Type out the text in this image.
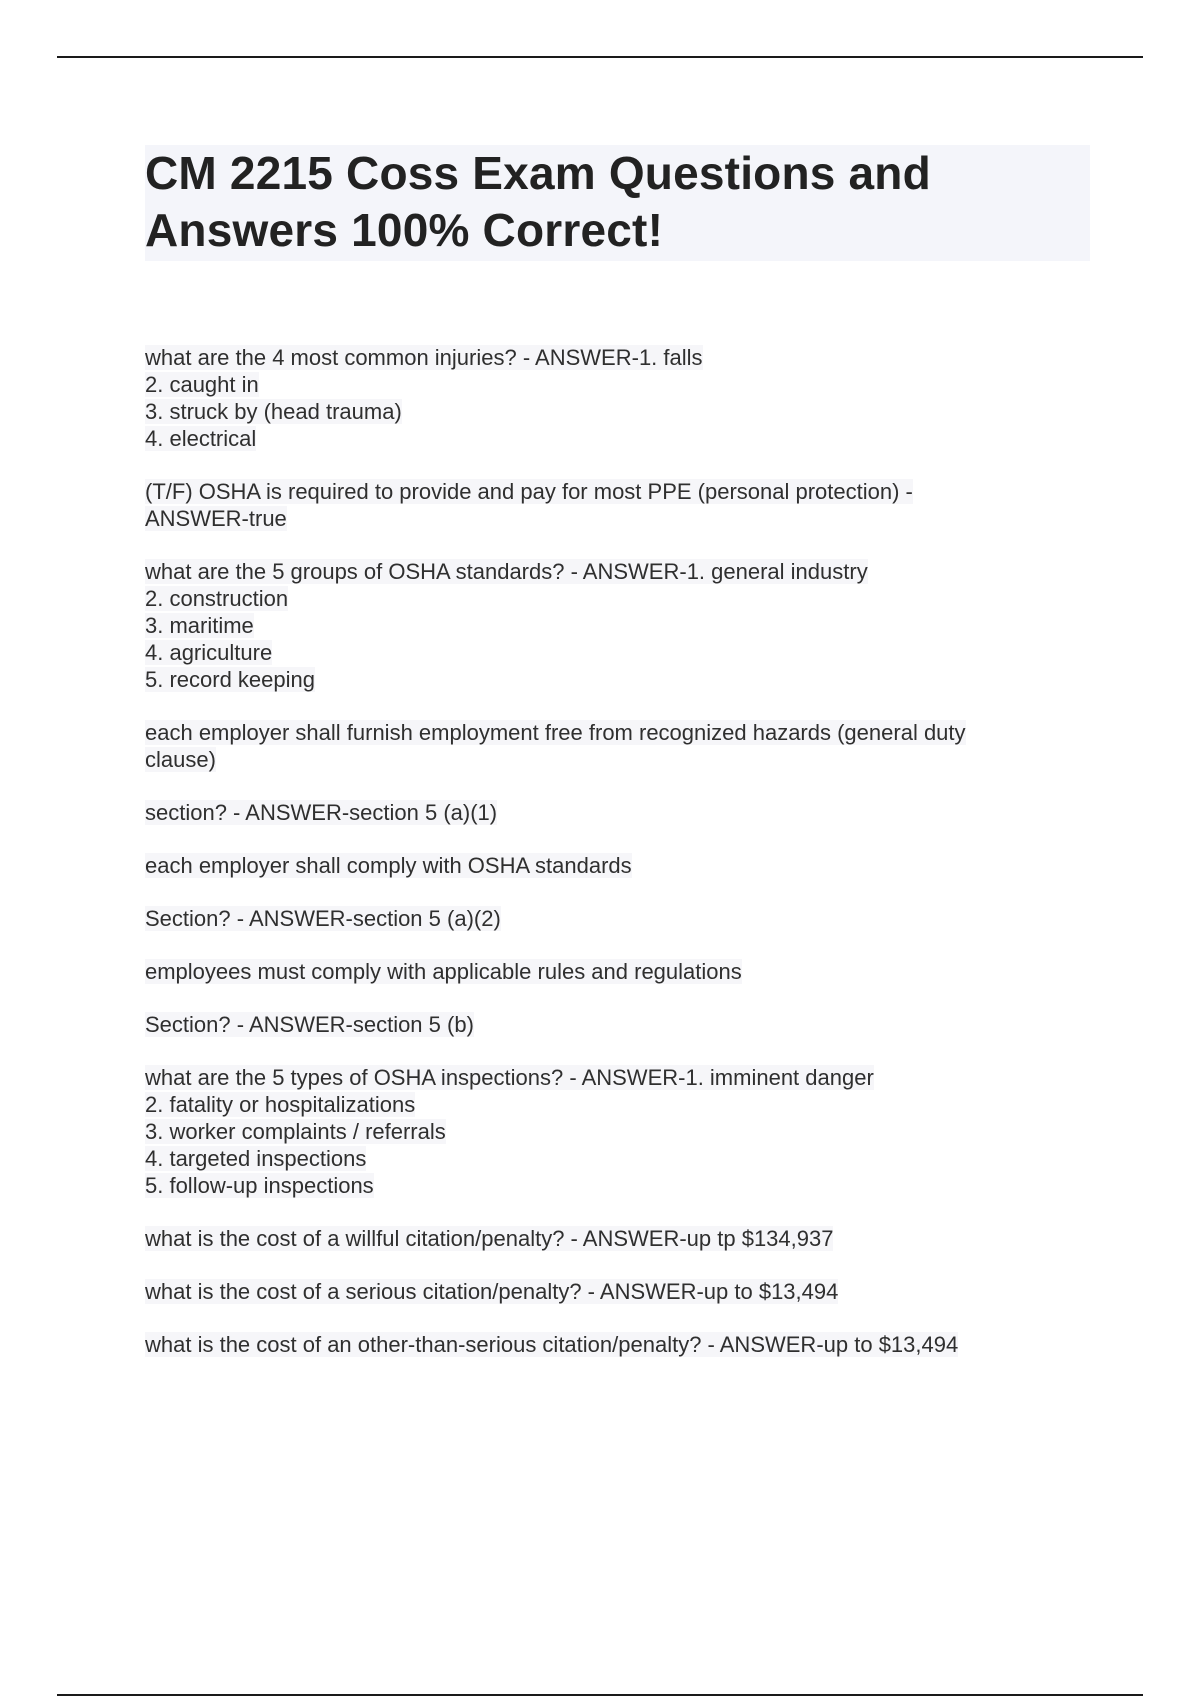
CM 2215 Coss Exam Questions and Answers 100% Correct!
what are the 4 most common injuries? - ANSWER-1. falls
2. caught in
3. struck by (head trauma)
4. electrical
(T/F) OSHA is required to provide and pay for most PPE (personal protection) -
ANSWER-true
what are the 5 groups of OSHA standards? - ANSWER-1. general industry
2. construction
3. maritime
4. agriculture
5. record keeping
each employer shall furnish employment free from recognized hazards (general duty
clause)
section? - ANSWER-section 5 (a)(1)
each employer shall comply with OSHA standards
Section? - ANSWER-section 5 (a)(2)
employees must comply with applicable rules and regulations
Section? - ANSWER-section 5 (b)
what are the 5 types of OSHA inspections? - ANSWER-1. imminent danger
2. fatality or hospitalizations
3. worker complaints / referrals
4. targeted inspections
5. follow-up inspections
what is the cost of a willful citation/penalty? - ANSWER-up tp $134,937
what is the cost of a serious citation/penalty? - ANSWER-up to $13,494
what is the cost of an other-than-serious citation/penalty? - ANSWER-up to $13,494
